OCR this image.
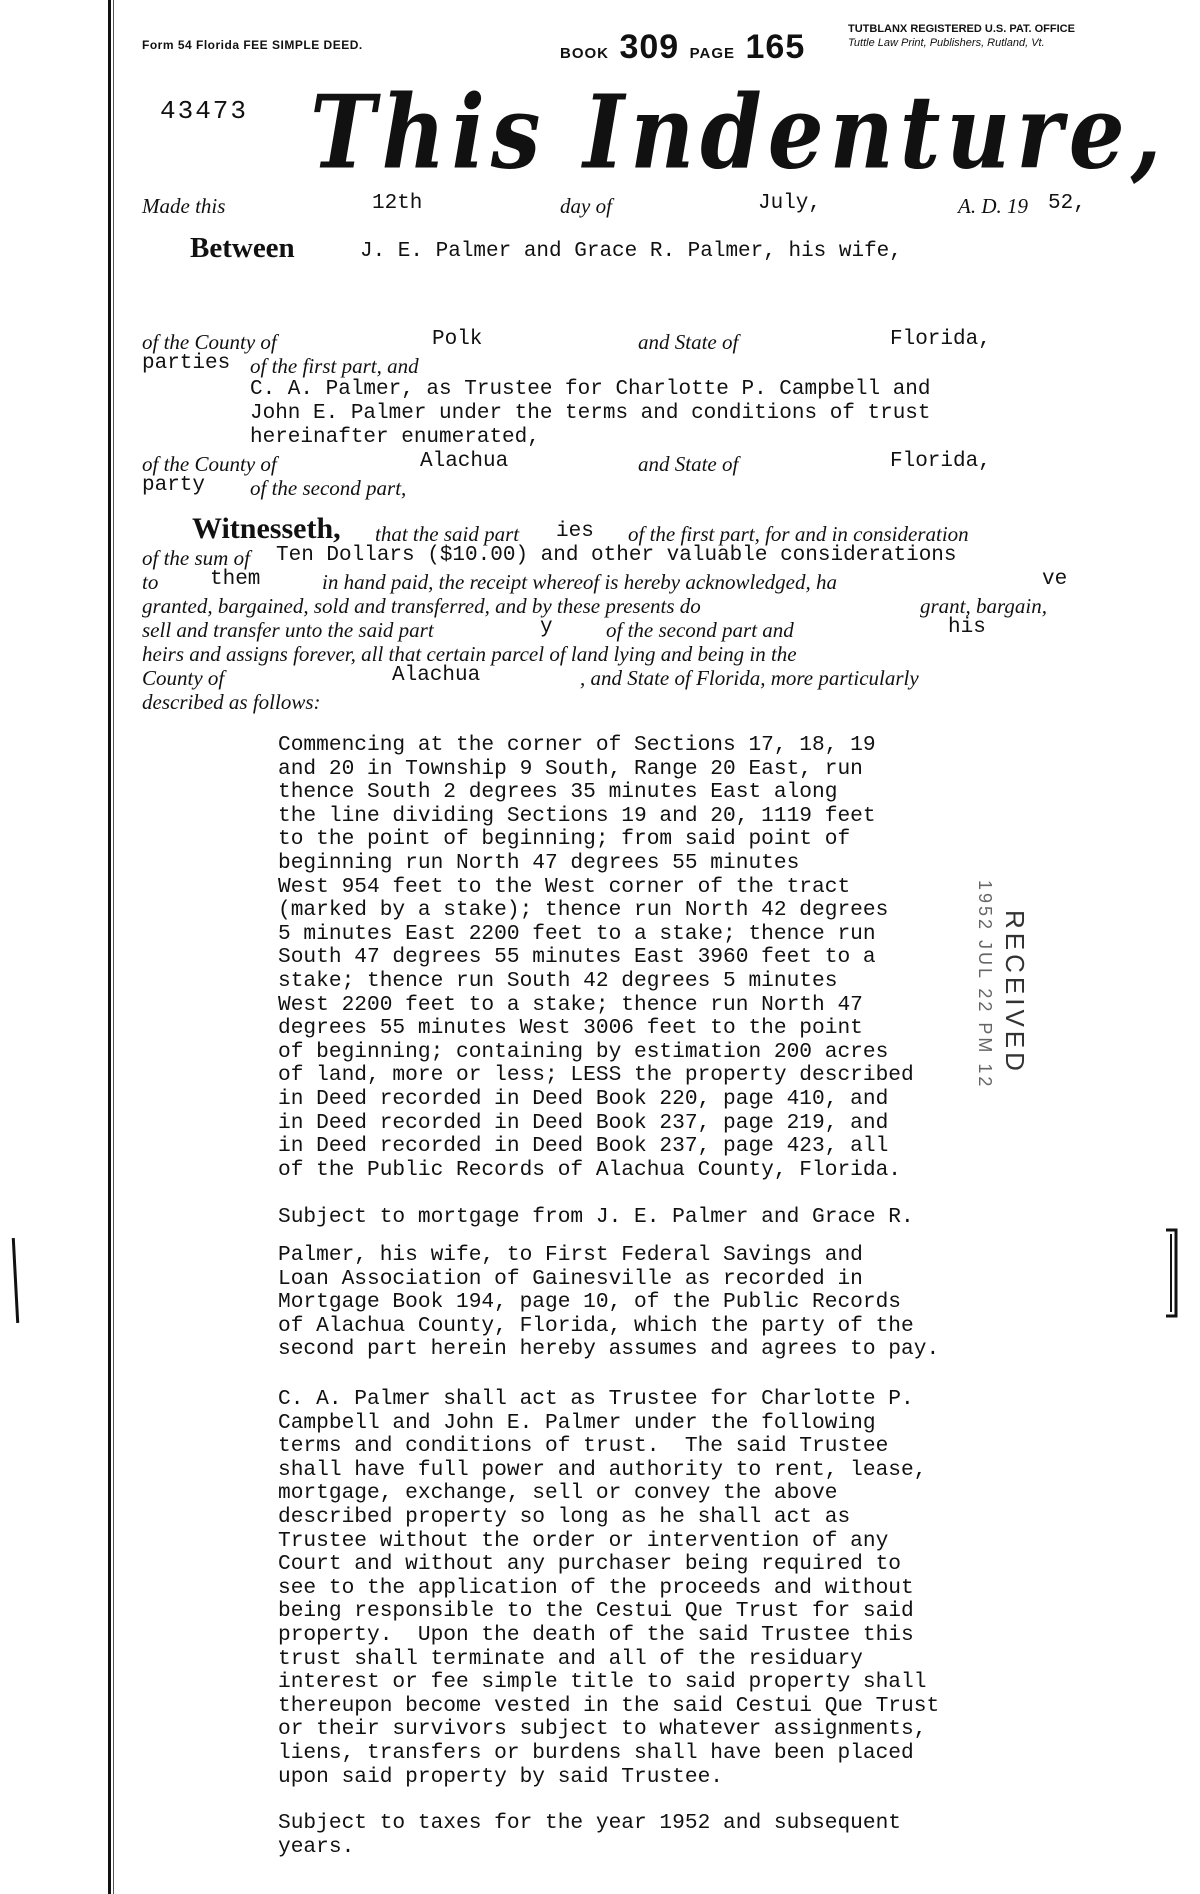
Form 54 Florida FEE SIMPLE DEED.	BOOK 309 PAGE 165	TUTBLANX REGISTERED U.S. PAT. OFFICE
Tuttle Law Print, Publishers, Rutland, Vt.
43473 This Indenture,
Made this	12th	day of	July,	A. D. 19 52,
Between	J. E. Palmer and Grace R. Palmer, his wife,
of the County of	Polk	and State of	Florida,
parties of the first part, and
C. A. Palmer, as Trustee for Charlotte P. Campbell and
John E. Palmer under the terms and conditions of trust
hereinafter enumerated,
of the County of	Alachua	and State of	Florida,
party of the second part,
Witnesseth, that the said part ies of the first part, for and in consideration
of the sum of Ten Dollars ($10.00) and other valuable considerations
to them	in hand paid, the receipt whereof is hereby acknowledged, ha	ve
granted, bargained, sold and transferred, and by these presents do	grant, bargain,
sell and transfer unto the said part	y	of the second part and	his
heirs and assigns forever, all that certain parcel of land lying and being in the
County of	Alachua	, and State of Florida, more particularly
described as follows:
Commencing at the corner of Sections 17, 18, 19
and 20 in Township 9 South, Range 20 East, run
thence South 2 degrees 35 minutes East along
the line dividing Sections 19 and 20, 1119 feet
to the point of beginning; from said point of
beginning run North 47 degrees 55 minutes
West 954 feet to the West corner of the tract
(marked by a stake); thence run North 42 degrees
5 minutes East 2200 feet to a stake; thence run
South 47 degrees 55 minutes East 3960 feet to a
stake; thence run South 42 degrees 5 minutes
West 2200 feet to a stake; thence run North 47
degrees 55 minutes West 3006 feet to the point
of beginning; containing by estimation 200 acres
of land, more or less; LESS the property described
in Deed recorded in Deed Book 220, page 410, and
in Deed recorded in Deed Book 237, page 219, and
in Deed recorded in Deed Book 237, page 423, all
of the Public Records of Alachua County, Florida.
Subject to mortgage from J. E. Palmer and Grace R.
Palmer, his wife, to First Federal Savings and
Loan Association of Gainesville as recorded in
Mortgage Book 194, page 10, of the Public Records
of Alachua County, Florida, which the party of the
second part herein hereby assumes and agrees to pay.
C. A. Palmer shall act as Trustee for Charlotte P.
Campbell and John E. Palmer under the following
terms and conditions of trust.  The said Trustee
shall have full power and authority to rent, lease,
mortgage, exchange, sell or convey the above
described property so long as he shall act as
Trustee without the order or intervention of any
Court and without any purchaser being required to
see to the application of the proceeds and without
being responsible to the Cestui Que Trust for said
property.  Upon the death of the said Trustee this
trust shall terminate and all of the residuary
interest or fee simple title to said property shall
thereupon become vested in the said Cestui Que Trust
or their survivors subject to whatever assignments,
liens, transfers or burdens shall have been placed
upon said property by said Trustee.
Subject to taxes for the year 1952 and subsequent
years.
RECEIVED
1952 JUL 22 PM 12
